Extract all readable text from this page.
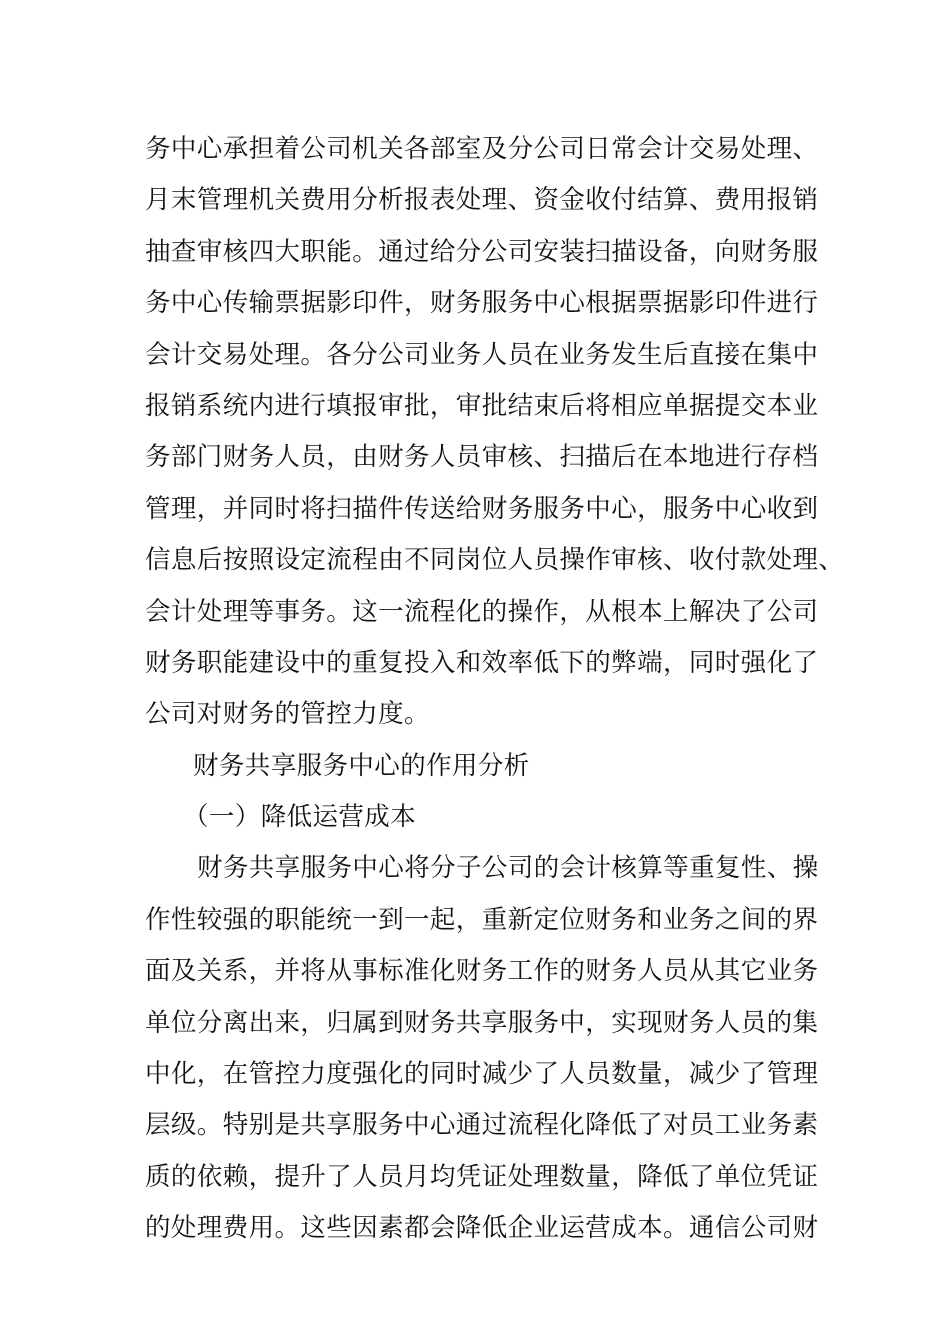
务中心承担着公司机关各部室及分公司日常会计交易处理、
月末管理机关费用分析报表处理、资金收付结算、费用报销
抽查审核四大职能。通过给分公司安装扫描设备，向财务服
务中心传输票据影印件，财务服务中心根据票据影印件进行
会计交易处理。各分公司业务人员在业务发生后直接在集中
报销系统内进行填报审批，审批结束后将相应单据提交本业
务部门财务人员，由财务人员审核、扫描后在本地进行存档
管理，并同时将扫描件传送给财务服务中心，服务中心收到
信息后按照设定流程由不同岗位人员操作审核、收付款处理、
会计处理等事务。这一流程化的操作，从根本上解决了公司
财务职能建设中的重复投入和效率低下的弊端，同时强化了
公司对财务的管控力度。
财务共享服务中心的作用分析
（一）降低运营成本
财务共享服务中心将分子公司的会计核算等重复性、操
作性较强的职能统一到一起，重新定位财务和业务之间的界
面及关系，并将从事标准化财务工作的财务人员从其它业务
单位分离出来，归属到财务共享服务中，实现财务人员的集
中化，在管控力度强化的同时减少了人员数量，减少了管理
层级。特别是共享服务中心通过流程化降低了对员工业务素
质的依赖，提升了人员月均凭证处理数量，降低了单位凭证
的处理费用。这些因素都会降低企业运营成本。通信公司财
